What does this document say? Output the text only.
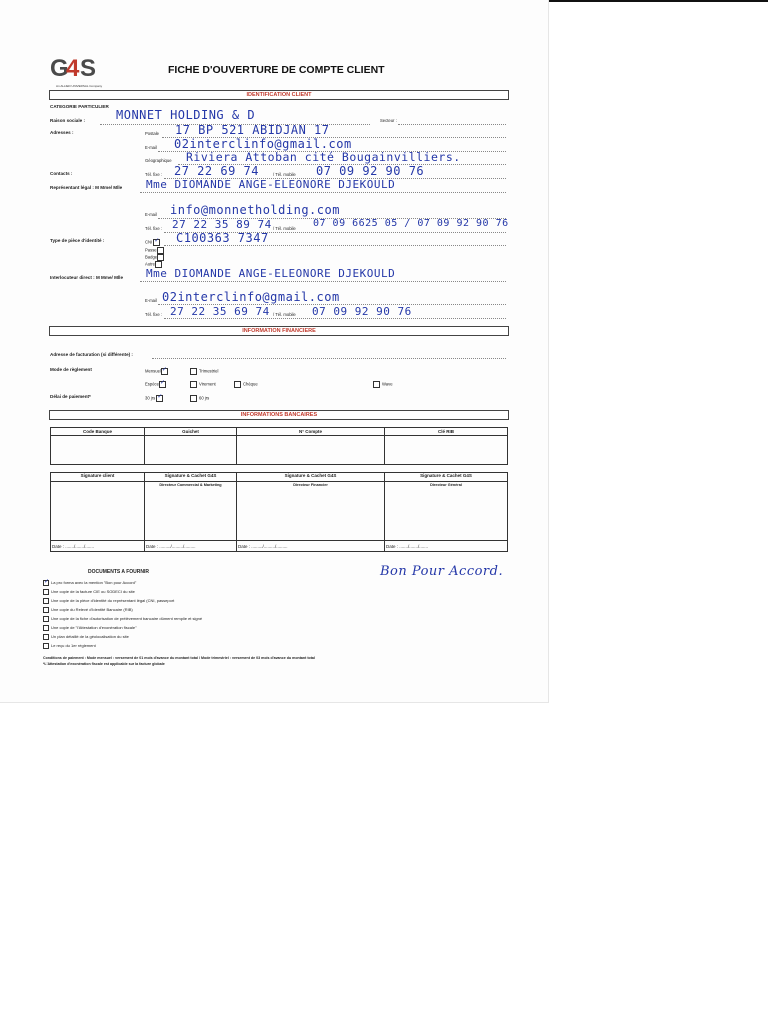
G
4 S
An ALLIED UNIVERSAL Company
FICHE D'OUVERTURE DE COMPTE CLIENT
IDENTIFICATION CLIENT
CATEGORIE PARTICULIER
Raison sociale :	MONNET HOLDING & D	Secteur :
Adresses :	Postale 17 BP 521 ABIDJAN 17
E-mail 02interclinfo@gmail.com
Géographique Riviera Attoban cité Bougainvilliers.
Contacts :	Tél. fixe : 27 22 69 74	/ Tél. mobile 07 09 92 90 76
Représentant légal : M Mme/ Mlle Mme DIOMANDE ANGE-ELEONORE DJEKOULD
E-mail info@monnetholding.com
Tél. fixe : 27 22 35 89 74 / Tél. mobile 07 09 6625 05 / 07 09 92 90 76
Type de pièce d'identité :	CNI ✓	C100363 7347
Passe
Badge
Autre
Interlocuteur direct : M Mme/ Mlle Mme DIOMANDE ANGE-ELEONORE DJEKOULD
E-mail 02interclinfo@gmail.com
Tél. fixe : 27 22 35 69 74 / Tél. mobile 07 09 92 90 76
INFORMATION FINANCIERE
Adresse de facturation (si différente) :
Mode de règlement	Mensuel ✓	Trimestriel
Espèce ✓	Virement	Chèque	Wave
Délai de paiement*	30 jrs ✓	60 jrs
INFORMATIONS BANCAIRES
Code Banque	Guichet	N° Compte	Clé RIB

Signature client	Signature & Cachet G4S	Signature & Cachet G4S	Signature & Cachet G4S

	Directeur Commercial & Marketing	Directeur Financier	Directeur Général

Date : ......./......./.......	Date : ........./........./.........	Date : ........./........./.........	Date : ......./......./.......
Bon Pour Accord.
DOCUMENTS A FOURNIR
✓La pro forma avec la mention "Bon pour Accord"
Une copie de la facture CIE ou SODECI du site
Une copie de la pièce d'identité du représentant légal (CNI, passeport
Une copie du Relevé d'Identité Bancaire (RIB)
Une copie de la fiche d'autorisation de prélèvement bancaire dûment remplie et signé
Une copie de "l'Attestation d'exonération fiscale"
Un plan détaillé de la géolocalisation du site
Le reçu du 1er règlement
Conditions de paiement : Mode mensuel : versement de 01 mois d'avance du montant total / Mode trimestriel : versement de 03 mois d'avance du montant total
*L'Attestation d'exonération fiscale est applicable sur la facture globale
